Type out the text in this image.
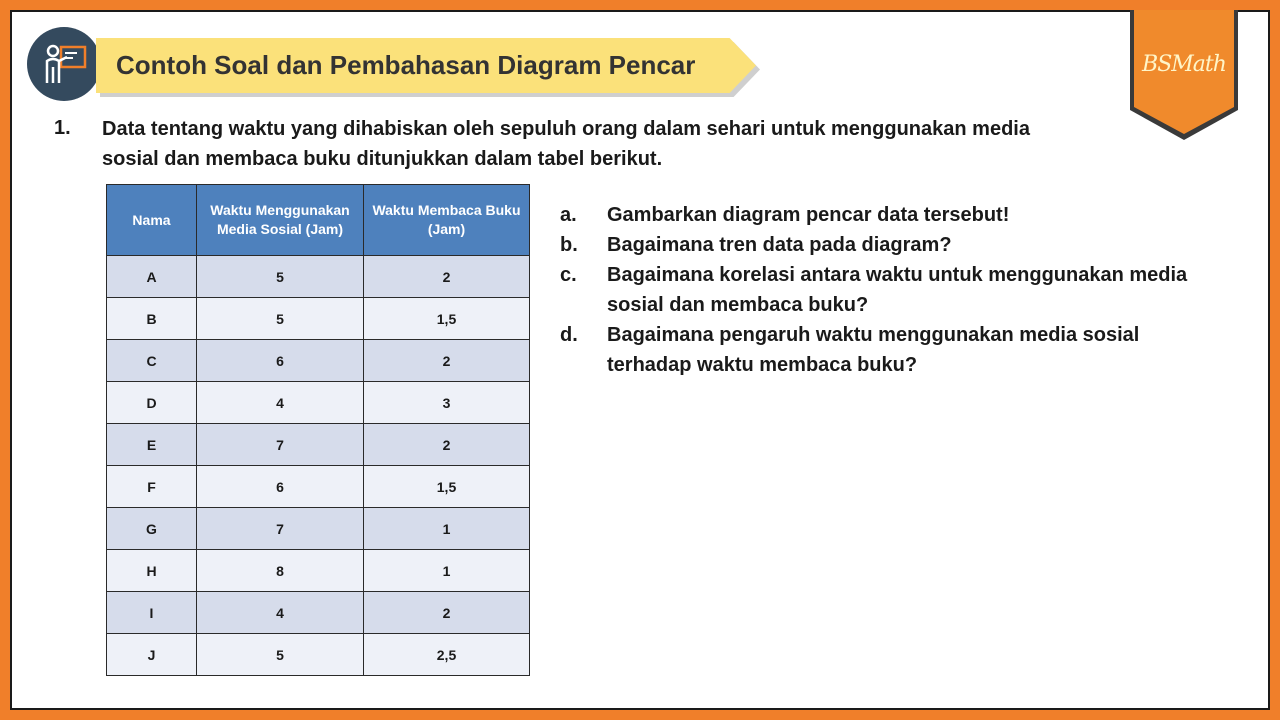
Contoh Soal dan Pembahasan Diagram Pencar	BSMath
1. Data tentang waktu yang dihabiskan oleh sepuluh orang dalam sehari untuk menggunakan media sosial dan membaca buku ditunjukkan dalam tabel berikut.
Nama	Waktu Menggunakan Media Sosial (Jam)	Waktu Membaca Buku (Jam)
A	5	2
B	5	1,5
C	6	2
D	4	3
E	7	2
F	6	1,5
G	7	1
H	8	1
I	4	2
J	5	2,5
a.	Gambarkan diagram pencar data tersebut!
b.	Bagaimana tren data pada diagram?
c.	Bagaimana korelasi antara waktu untuk menggunakan media sosial dan membaca buku?
d.	Bagaimana pengaruh waktu menggunakan media sosial terhadap waktu membaca buku?
